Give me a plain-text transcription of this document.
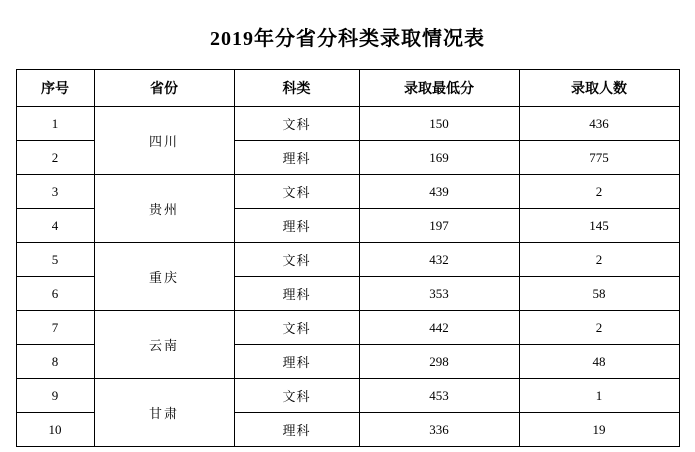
2019年分省分科类录取情况表
序号	省份	科类	录取最低分	录取人数
1	四川	文科	150	436
2		理科	169	775
3	贵州	文科	439	2
4		理科	197	145
5	重庆	文科	432	2
6		理科	353	58
7	云南	文科	442	2
8		理科	298	48
9	甘肃	文科	453	1
10		理科	336	19
